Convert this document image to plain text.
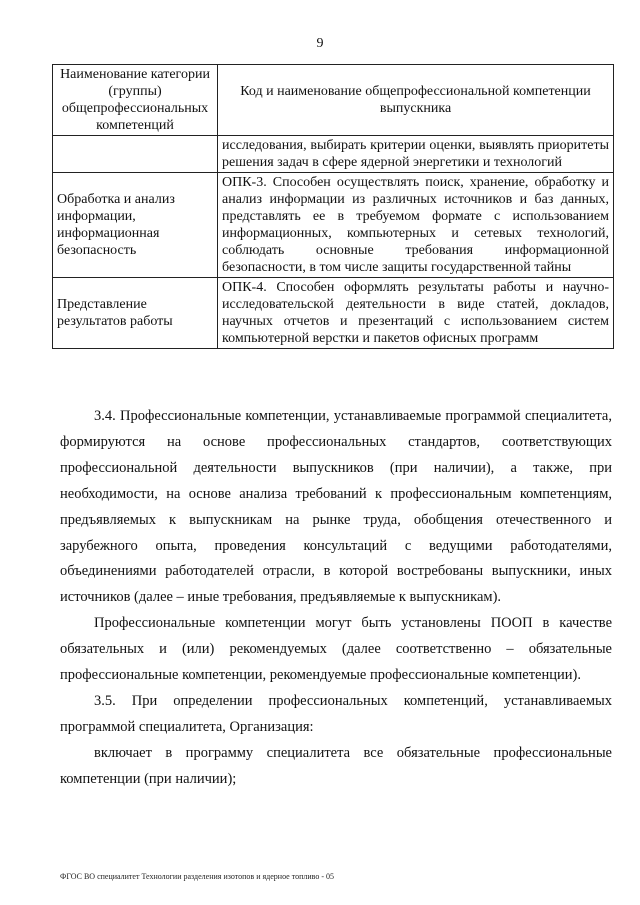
9
Наименование категории (группы) общепрофессиональных компетенций	Код и наименование общепрофессиональной компетенции выпускника
	исследования, выбирать критерии оценки, выявлять приоритеты решения задач в сфере ядерной энергетики и технологий
Обработка и анализ информации, информационная безопасность	ОПК-3. Способен осуществлять поиск, хранение, обработку и анализ информации из различных источников и баз данных, представлять ее в требуемом формате с использованием информационных, компьютерных и сетевых технологий, соблюдать основные требования информационной безопасности, в том числе защиты государственной тайны
Представление результатов работы	ОПК-4. Способен оформлять результаты работы и научно-исследовательской деятельности в виде статей, докладов, научных отчетов и презентаций с использованием систем компьютерной верстки и пакетов офисных программ

3.4. Профессиональные компетенции, устанавливаемые программой специалитета, формируются на основе профессиональных стандартов, соответствующих профессиональной деятельности выпускников (при наличии), а также, при необходимости, на основе анализа требований к профессиональным компетенциям, предъявляемых к выпускникам на рынке труда, обобщения отечественного и зарубежного опыта, проведения консультаций с ведущими работодателями, объединениями работодателей отрасли, в которой востребованы выпускники, иных источников (далее – иные требования, предъявляемые к выпускникам).

Профессиональные компетенции могут быть установлены ПООП в качестве обязательных и (или) рекомендуемых (далее соответственно – обязательные профессиональные компетенции, рекомендуемые профессиональные компетенции).

3.5. При определении профессиональных компетенций, устанавливаемых программой специалитета, Организация:

включает в программу специалитета все обязательные профессиональные компетенции (при наличии);

ФГОС ВО специалитет Технологии разделения изотопов и ядерное топливо - 05
